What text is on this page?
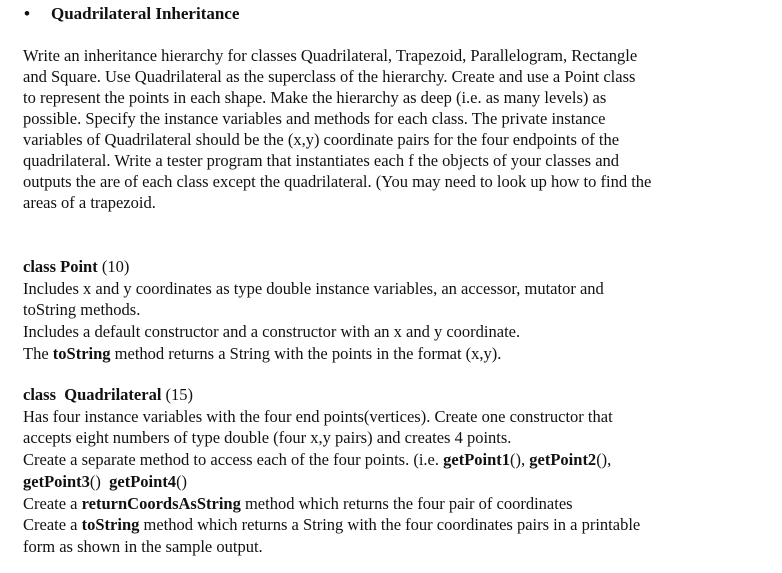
• Quadrilateral Inheritance
Write an inheritance hierarchy for classes Quadrilateral, Trapezoid, Parallelogram, Rectangle
and Square. Use Quadrilateral as the superclass of the hierarchy. Create and use a Point class
to represent the points in each shape. Make the hierarchy as deep (i.e. as many levels) as
possible. Specify the instance variables and methods for each class. The private instance
variables of Quadrilateral should be the (x,y) coordinate pairs for the four endpoints of the
quadrilateral. Write a tester program that instantiates each f the objects of your classes and
outputs the are of each class except the quadrilateral. (You may need to look up how to find the
areas of a trapezoid.
class Point (10)
Includes x and y coordinates as type double instance variables, an accessor, mutator and
toString methods.
Includes a default constructor and a constructor with an x and y coordinate.
The toString method returns a String with the points in the format (x,y).
class Quadrilateral (15)
Has four instance variables with the four end points(vertices). Create one constructor that
accepts eight numbers of type double (four x,y pairs) and creates 4 points.
Create a separate method to access each of the four points. (i.e. getPoint1(), getPoint2(),
getPoint3()  getPoint4()
Create a returnCoordsAsString method which returns the four pair of coordinates
Create a toString method which returns a String with the four coordinates pairs in a printable
form as shown in the sample output.
